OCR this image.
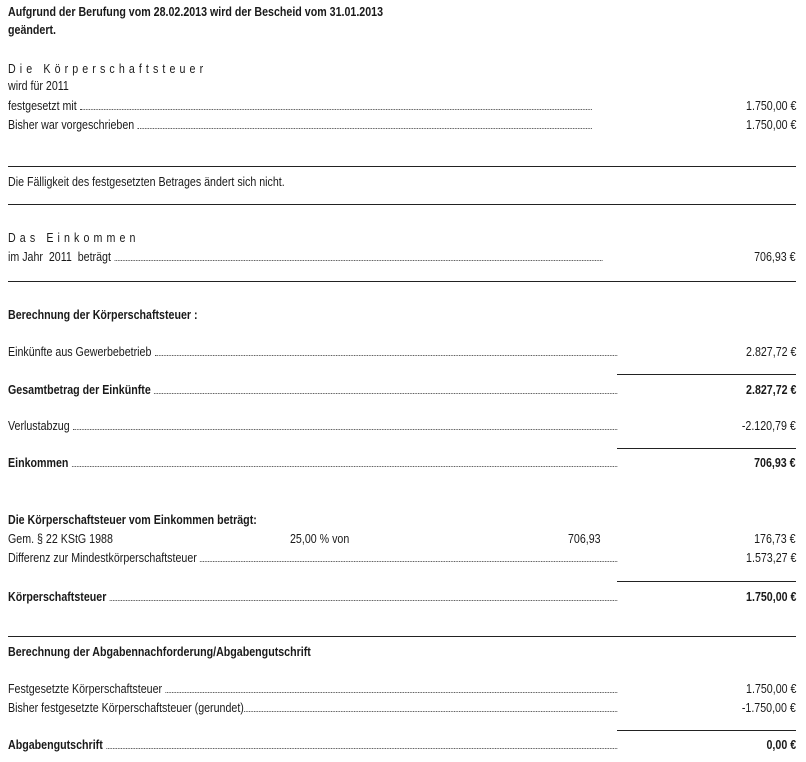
Aufgrund der Berufung vom 28.02.2013 wird der Bescheid vom 31.01.2013
geändert.
Die Körperschaftsteuer
wird für 2011
festgesetzt mit	1.750,00 €
Bisher war vorgeschrieben	1.750,00 €
Die Fälligkeit des festgesetzten Betrages ändert sich nicht.
Das Einkommen
im Jahr  2011  beträgt	706,93 €
Berechnung der Körperschaftsteuer :
Einkünfte aus Gewerbebetrieb	2.827,72 €
Gesamtbetrag der Einkünfte	2.827,72 €
Verlustabzug	-2.120,79 €
Einkommen	706,93 €
Die Körperschaftsteuer vom Einkommen beträgt:
Gem. § 22 KStG 1988	25,00 % von	706,93	176,73 €
Differenz zur Mindestkörperschaftsteuer	1.573,27 €
Körperschaftsteuer	1.750,00 €
Berechnung der Abgabennachforderung/Abgabengutschrift
Festgesetzte Körperschaftsteuer	1.750,00 €
Bisher festgesetzte Körperschaftsteuer (gerundet)	-1.750,00 €
Abgabengutschrift	0,00 €
